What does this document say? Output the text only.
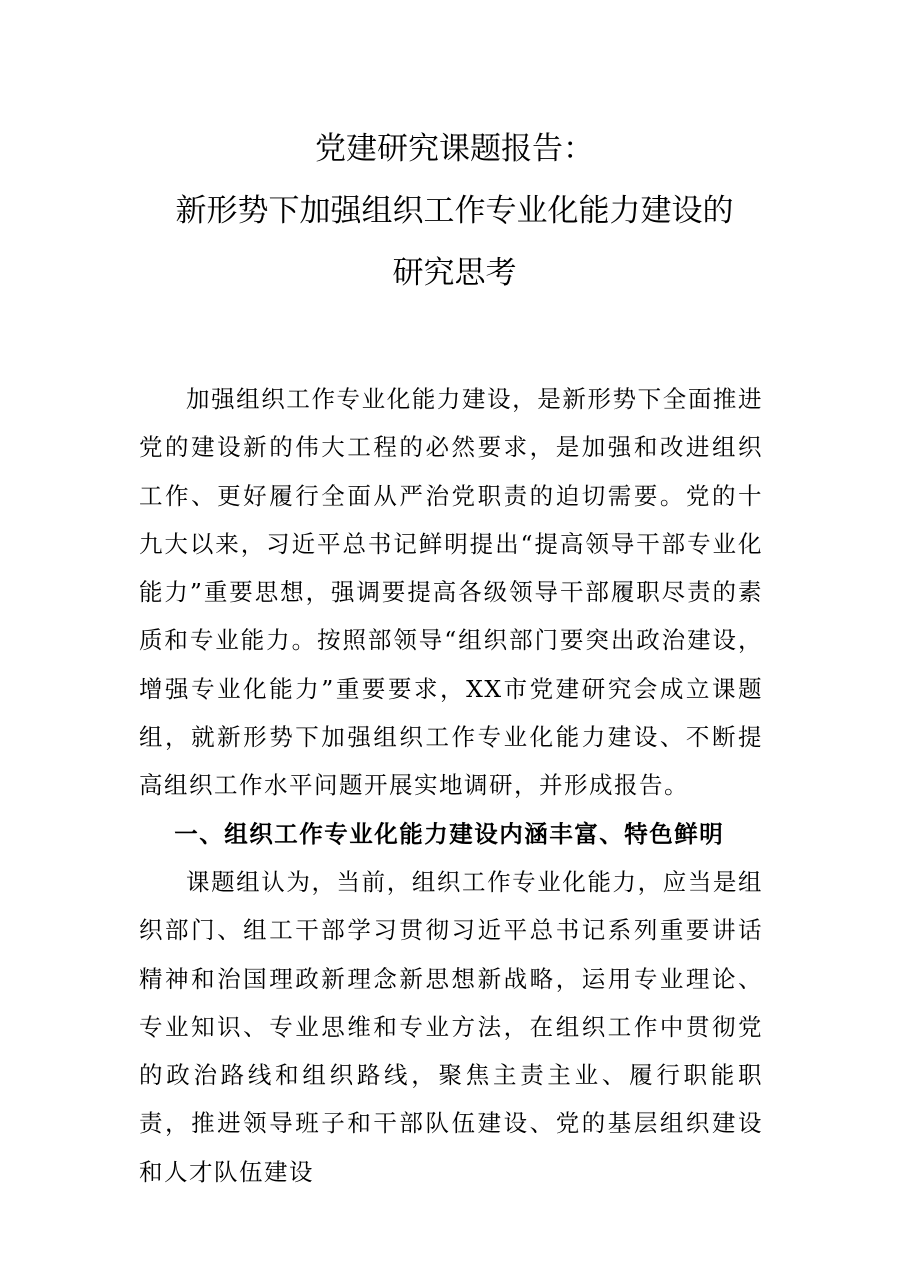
党建研究课题报告：
新形势下加强组织工作专业化能力建设的
研究思考

加强组织工作专业化能力建设，是新形势下全面推进党的建设新的伟大工程的必然要求，是加强和改进组织工作、更好履行全面从严治党职责的迫切需要。党的十九大以来，习近平总书记鲜明提出“提高领导干部专业化能力”重要思想，强调要提高各级领导干部履职尽责的素质和专业能力。按照部领导“组织部门要突出政治建设，增强专业化能力”重要要求，XX市党建研究会成立课题组，就新形势下加强组织工作专业化能力建设、不断提高组织工作水平问题开展实地调研，并形成报告。

一、组织工作专业化能力建设内涵丰富、特色鲜明

课题组认为，当前，组织工作专业化能力，应当是组织部门、组工干部学习贯彻习近平总书记系列重要讲话精神和治国理政新理念新思想新战略，运用专业理论、专业知识、专业思维和专业方法，在组织工作中贯彻党的政治路线和组织路线，聚焦主责主业、履行职能职责，推进领导班子和干部队伍建设、党的基层组织建设和人才队伍建设
